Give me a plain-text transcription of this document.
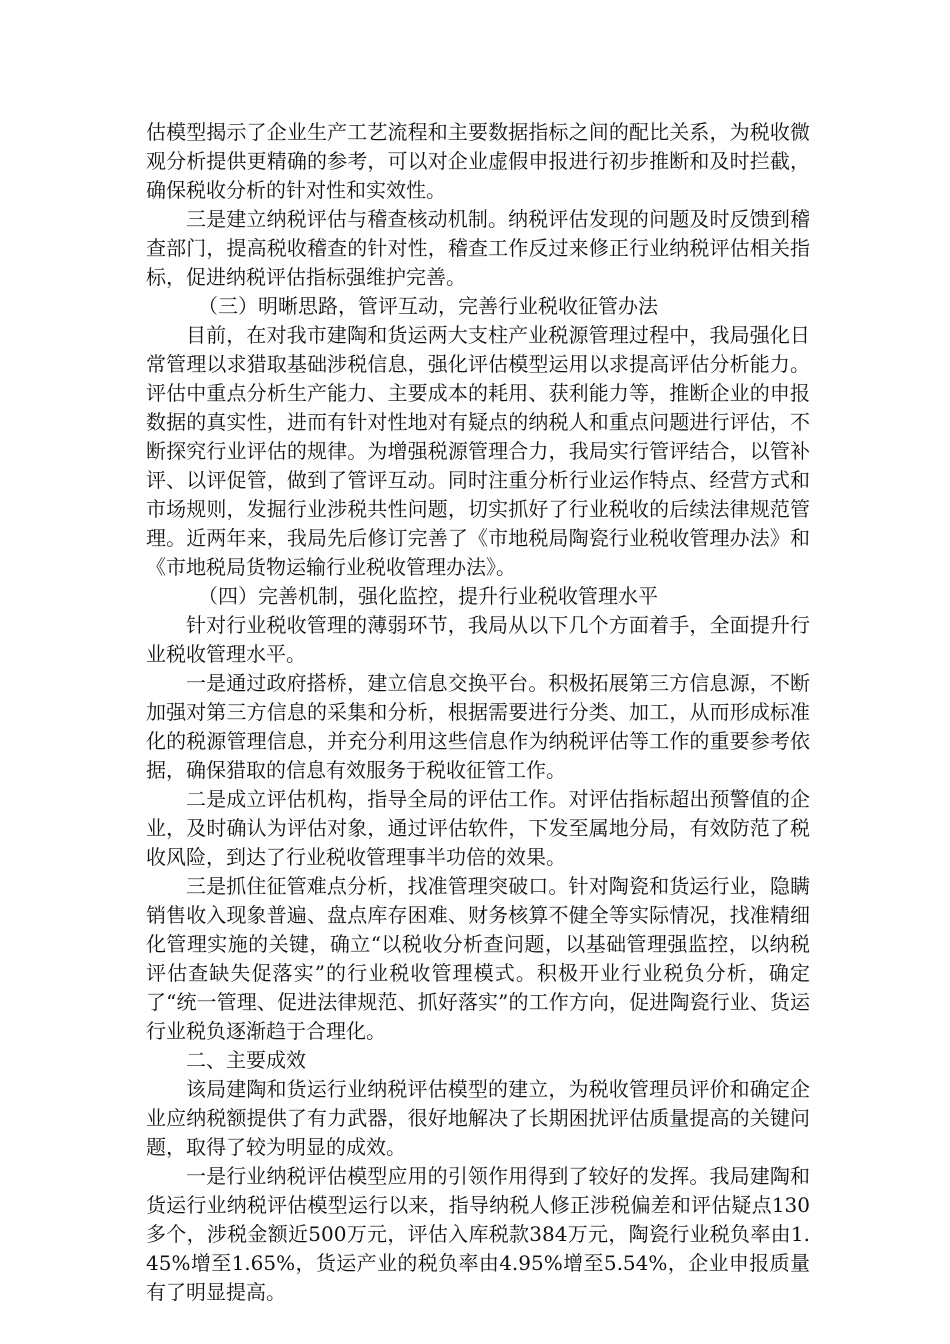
估模型揭示了企业生产工艺流程和主要数据指标之间的配比关系，为税收微观分析提供更精确的参考，可以对企业虚假申报进行初步推断和及时拦截，确保税收分析的针对性和实效性。

三是建立纳税评估与稽查核动机制。纳税评估发现的问题及时反馈到稽查部门，提高税收稽查的针对性，稽查工作反过来修正行业纳税评估相关指标，促进纳税评估指标强维护完善。

（三）明晰思路，管评互动，完善行业税收征管办法

目前，在对我市建陶和货运两大支柱产业税源管理过程中，我局强化日常管理以求猎取基础涉税信息，强化评估模型运用以求提高评估分析能力。评估中重点分析生产能力、主要成本的耗用、获利能力等，推断企业的申报数据的真实性，进而有针对性地对有疑点的纳税人和重点问题进行评估，不断探究行业评估的规律。为增强税源管理合力，我局实行管评结合，以管补评、以评促管，做到了管评互动。同时注重分析行业运作特点、经营方式和市场规则，发掘行业涉税共性问题，切实抓好了行业税收的后续法律规范管理。近两年来，我局先后修订完善了《市地税局陶瓷行业税收管理办法》和《市地税局货物运输行业税收管理办法》。

（四）完善机制，强化监控，提升行业税收管理水平

针对行业税收管理的薄弱环节，我局从以下几个方面着手，全面提升行业税收管理水平。

一是通过政府搭桥，建立信息交换平台。积极拓展第三方信息源，不断加强对第三方信息的采集和分析，根据需要进行分类、加工，从而形成标准化的税源管理信息，并充分利用这些信息作为纳税评估等工作的重要参考依据，确保猎取的信息有效服务于税收征管工作。

二是成立评估机构，指导全局的评估工作。对评估指标超出预警值的企业，及时确认为评估对象，通过评估软件，下发至属地分局，有效防范了税收风险，到达了行业税收管理事半功倍的效果。

三是抓住征管难点分析，找准管理突破口。针对陶瓷和货运行业，隐瞒销售收入现象普遍、盘点库存困难、财务核算不健全等实际情况，找准精细化管理实施的关键，确立“以税收分析查问题，以基础管理强监控，以纳税评估查缺失促落实”的行业税收管理模式。积极开业行业税负分析，确定了“统一管理、促进法律规范、抓好落实”的工作方向，促进陶瓷行业、货运行业税负逐渐趋于合理化。

二、主要成效

该局建陶和货运行业纳税评估模型的建立，为税收管理员评价和确定企业应纳税额提供了有力武器，很好地解决了长期困扰评估质量提高的关键问题，取得了较为明显的成效。

一是行业纳税评估模型应用的引领作用得到了较好的发挥。我局建陶和货运行业纳税评估模型运行以来，指导纳税人修正涉税偏差和评估疑点130多个，涉税金额近500万元，评估入库税款384万元，陶瓷行业税负率由1.45%增至1.65%，货运产业的税负率由4.95%增至5.54%，企业申报质量有了明显提高。
